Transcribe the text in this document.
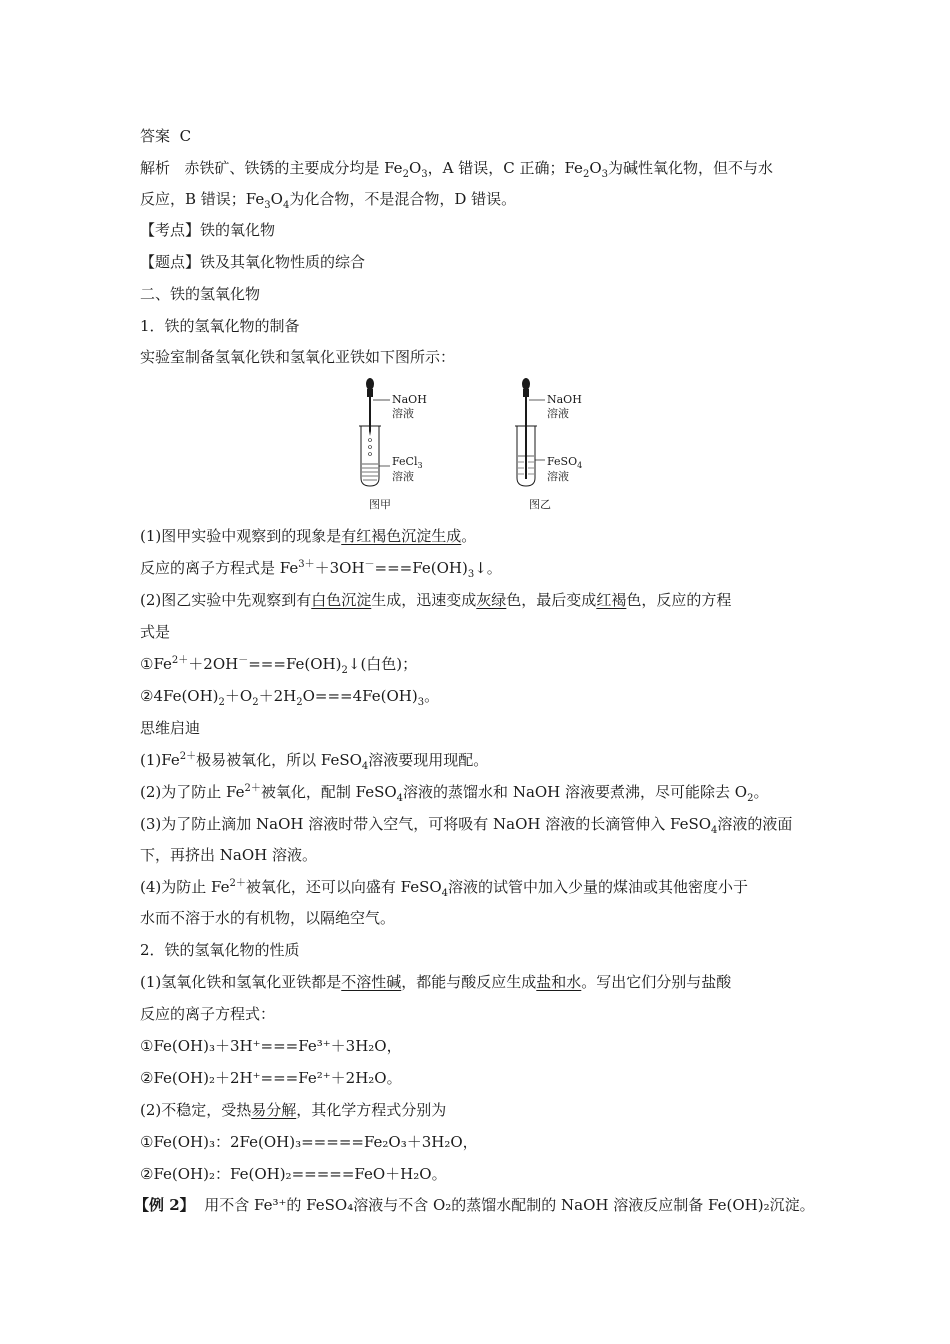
答案 C
解析 赤铁矿、铁锈的主要成分均是 $Fe_2O_3$，A 错误，C 正确；$Fe_2O_3$为碱性氧化物，但不与水
反应，B 错误；$Fe_3O_4$为化合物，不是混合物，D 错误。
【考点】铁的氧化物
【题点】铁及其氧化物性质的综合
二、铁的氢氧化物
1．铁的氢氧化物的制备
实验室制备氢氧化铁和氢氧化亚铁如下图所示：
NaOH
溶液
FeCl$_3$
溶液
图甲
NaOH
溶液
FeSO$_4$
溶液
图乙
(1)图甲实验中观察到的现象是有红褐色沉淀生成。
反应的离子方程式是 $Fe^{3+}+3OH^-===Fe(OH)_3↓$。
(2)图乙实验中先观察到有白色沉淀生成，迅速变成灰绿色，最后变成红褐色，反应的方程
式是
$①Fe^{2+}+2OH^-===Fe(OH)_2↓$(白色)；
$②4Fe(OH)_2+O_2+2H_2O===4Fe(OH)_3$。
思维启迪
$(1)Fe^{2+}$极易被氧化，所以 FeSO$_4$溶液要现用现配。
(2)为了防止 $Fe^{2+}$被氧化，配制 FeSO$_4$溶液的蒸馏水和 NaOH 溶液要煮沸，尽可能除去 $O_2$。
(3)为了防止滴加 NaOH 溶液时带入空气，可将吸有 NaOH 溶液的长滴管伸入 FeSO$_4$溶液的液面
下，再挤出 NaOH 溶液。
(4)为防止 $Fe^{2+}$被氧化，还可以向盛有 FeSO$_4$溶液的试管中加入少量的煤油或其他密度小于
水而不溶于水的有机物，以隔绝空气。
2．铁的氢氧化物的性质
(1)氢氧化铁和氢氧化亚铁都是不溶性碱，都能与酸反应生成盐和水。写出它们分别与盐酸
反应的离子方程式：
①Fe(OH)₃＋3H⁺===Fe³⁺＋3H₂O，
②Fe(OH)₂＋2H⁺===Fe²⁺＋2H₂O。
(2)不稳定，受热易分解，其化学方程式分别为
①Fe(OH)₃：2Fe(OH)₃=====Fe₂O₃＋3H₂O，
②Fe(OH)₂：Fe(OH)₂=====FeO＋H₂O。
【例 2】 用不含 Fe³⁺的 FeSO₄溶液与不含 O₂的蒸馏水配制的 NaOH 溶液反应制备 Fe(OH)₂沉淀。
